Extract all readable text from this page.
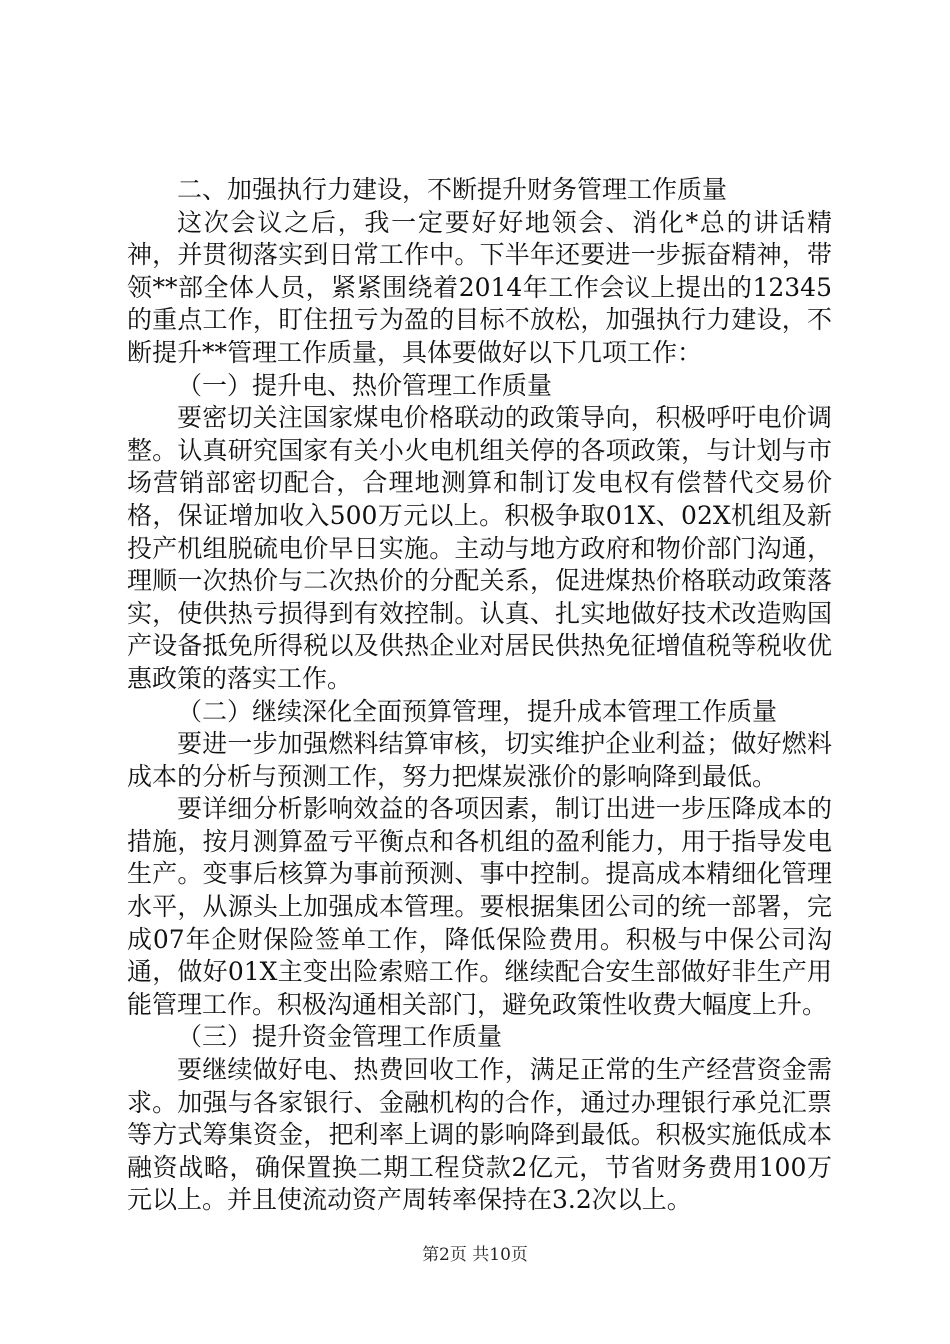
二、加强执行力建设，不断提升财务管理工作质量

这次会议之后，我一定要好好地领会、消化*总的讲话精神，并贯彻落实到日常工作中。下半年还要进一步振奋精神，带领**部全体人员，紧紧围绕着2014年工作会议上提出的12345的重点工作，盯住扭亏为盈的目标不放松，加强执行力建设，不断提升**管理工作质量，具体要做好以下几项工作：

（一）提升电、热价管理工作质量

要密切关注国家煤电价格联动的政策导向，积极呼吁电价调整。认真研究国家有关小火电机组关停的各项政策，与计划与市场营销部密切配合，合理地测算和制订发电权有偿替代交易价格，保证增加收入500万元以上。积极争取01X、02X机组及新投产机组脱硫电价早日实施。主动与地方政府和物价部门沟通，理顺一次热价与二次热价的分配关系，促进煤热价格联动政策落实，使供热亏损得到有效控制。认真、扎实地做好技术改造购国产设备抵免所得税以及供热企业对居民供热免征增值税等税收优惠政策的落实工作。

（二）继续深化全面预算管理，提升成本管理工作质量

要进一步加强燃料结算审核，切实维护企业利益；做好燃料成本的分析与预测工作，努力把煤炭涨价的影响降到最低。

要详细分析影响效益的各项因素，制订出进一步压降成本的措施，按月测算盈亏平衡点和各机组的盈利能力，用于指导发电生产。变事后核算为事前预测、事中控制。提高成本精细化管理水平，从源头上加强成本管理。要根据集团公司的统一部署，完成07年企财保险签单工作，降低保险费用。积极与中保公司沟通，做好01X主变出险索赔工作。继续配合安生部做好非生产用能管理工作。积极沟通相关部门，避免政策性收费大幅度上升。

（三）提升资金管理工作质量

要继续做好电、热费回收工作，满足正常的生产经营资金需求。加强与各家银行、金融机构的合作，通过办理银行承兑汇票等方式筹集资金，把利率上调的影响降到最低。积极实施低成本融资战略，确保置换二期工程贷款2亿元，节省财务费用100万元以上。并且使流动资产周转率保持在3.2次以上。

第2页 共10页
